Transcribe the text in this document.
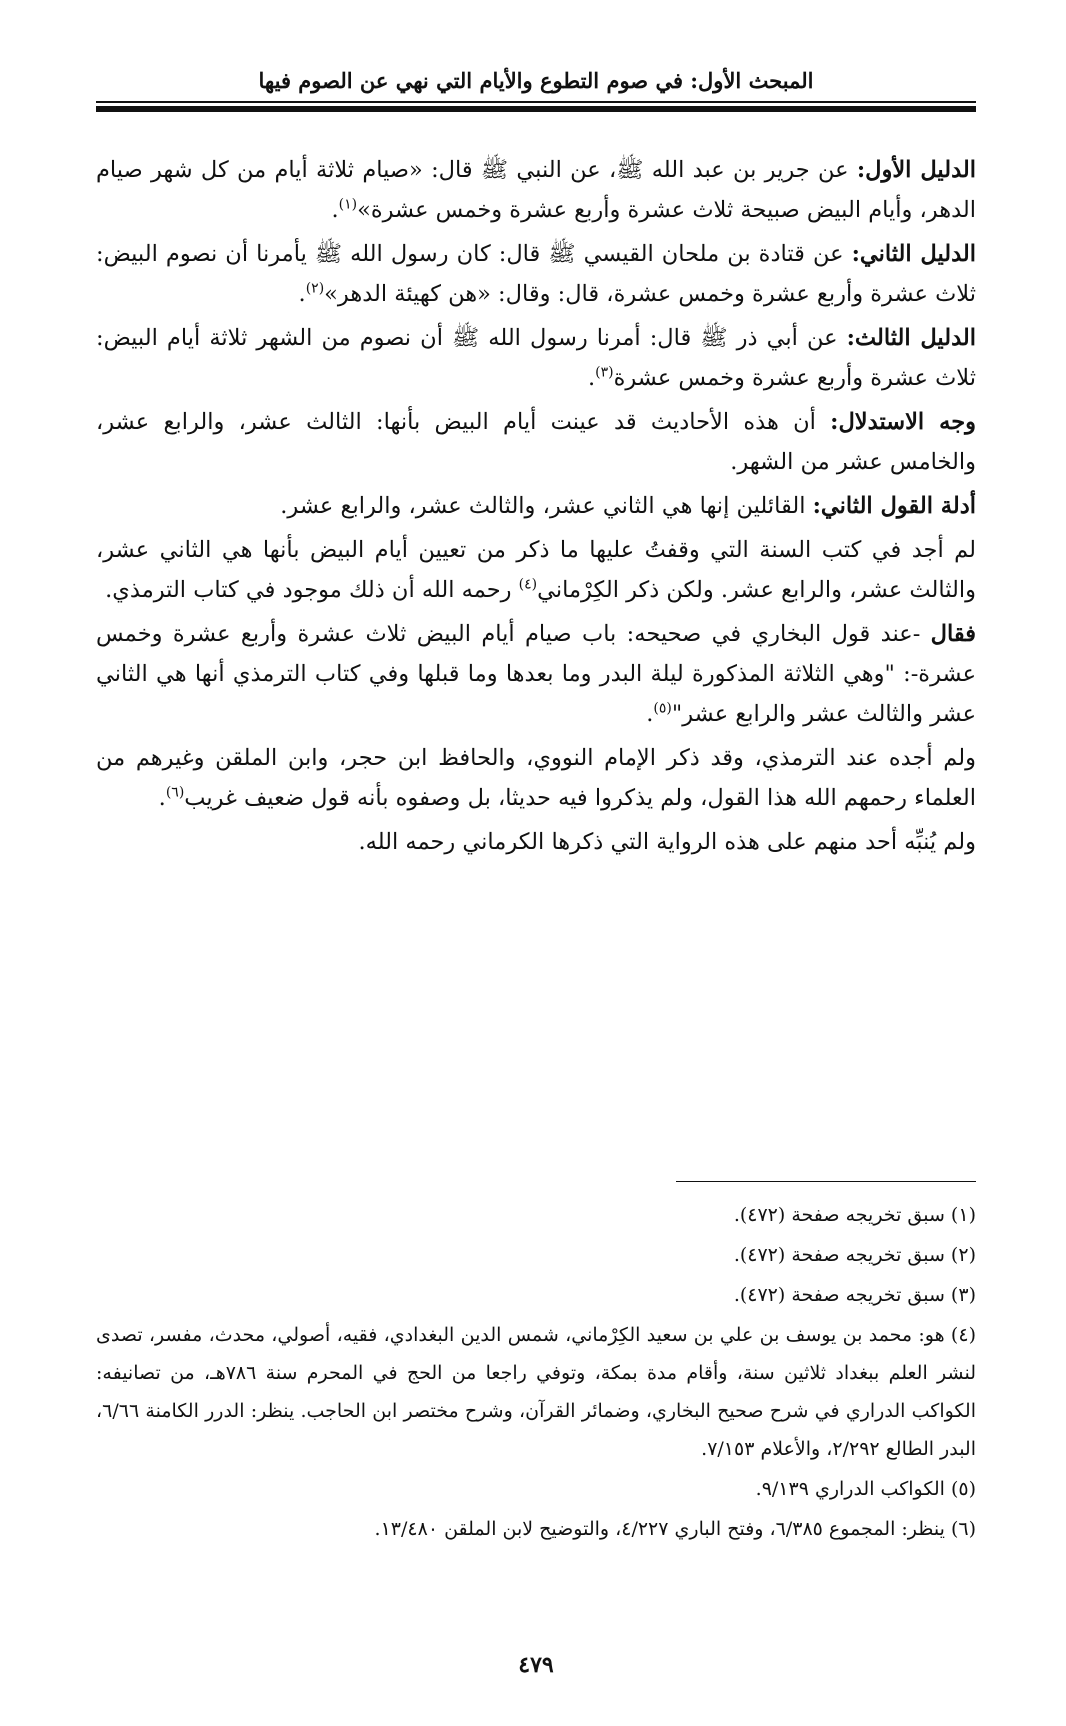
المبحث الأول: في صوم التطوع والأيام التي نهي عن الصوم فيها

الدليل الأول: عن جرير بن عبد الله ﷺ، عن النبي ﷺ قال: «صيام ثلاثة أيام من كل شهر صيام الدهر، وأيام البيض صبيحة ثلاث عشرة وأربع عشرة وخمس عشرة»$^{(١)}$.

الدليل الثاني: عن قتادة بن ملحان القيسي ﷺ قال: كان رسول الله ﷺ يأمرنا أن نصوم البيض: ثلاث عشرة وأربع عشرة وخمس عشرة، قال: وقال: «هن كهيئة الدهر»$^{(٢)}$.

الدليل الثالث: عن أبي ذر ﷺ قال: أمرنا رسول الله ﷺ أن نصوم من الشهر ثلاثة أيام البيض: ثلاث عشرة وأربع عشرة وخمس عشرة$^{(٣)}$.

وجه الاستدلال: أن هذه الأحاديث قد عينت أيام البيض بأنها: الثالث عشر، والرابع عشر، والخامس عشر من الشهر.

أدلة القول الثاني: القائلين إنها هي الثاني عشر، والثالث عشر، والرابع عشر.

لم أجد في كتب السنة التي وقفتُ عليها ما ذكر من تعيين أيام البيض بأنها هي الثاني عشر، والثالث عشر، والرابع عشر. ولكن ذكر الكِرْماني$^{(٤)}$ رحمه الله أن ذلك موجود في كتاب الترمذي.

فقال -عند قول البخاري في صحيحه: باب صيام أيام البيض ثلاث عشرة وأربع عشرة وخمس عشرة-: "وهي الثلاثة المذكورة ليلة البدر وما بعدها وما قبلها وفي كتاب الترمذي أنها هي الثاني عشر والثالث عشر والرابع عشر"$^{(٥)}$.

ولم أجده عند الترمذي، وقد ذكر الإمام النووي، والحافظ ابن حجر، وابن الملقن وغيرهم من العلماء رحمهم الله هذا القول، ولم يذكروا فيه حديثا، بل وصفوه بأنه قول ضعيف غريب$^{(٦)}$.

ولم يُنبِّه أحد منهم على هذه الرواية التي ذكرها الكرماني رحمه الله.

(١) سبق تخريجه صفحة (٤٧٢).

(٢) سبق تخريجه صفحة (٤٧٢).

(٣) سبق تخريجه صفحة (٤٧٢).

(٤) هو: محمد بن يوسف بن علي بن سعيد الكِرْماني، شمس الدين البغدادي، فقيه، أصولي، محدث، مفسر، تصدى لنشر العلم ببغداد ثلاثين سنة، وأقام مدة بمكة، وتوفي راجعا من الحج في المحرم سنة ٧٨٦هـ، من تصانيفه: الكواكب الدراري في شرح صحيح البخاري، وضمائر القرآن، وشرح مختصر ابن الحاجب. ينظر: الدرر الكامنة ٦/٦٦، البدر الطالع ٢/٢٩٢، والأعلام ٧/١٥٣.

(٥) الكواكب الدراري ٩/١٣٩.

(٦) ينظر: المجموع ٦/٣٨٥، وفتح الباري ٤/٢٢٧، والتوضيح لابن الملقن ١٣/٤٨٠.

٤٧٩
